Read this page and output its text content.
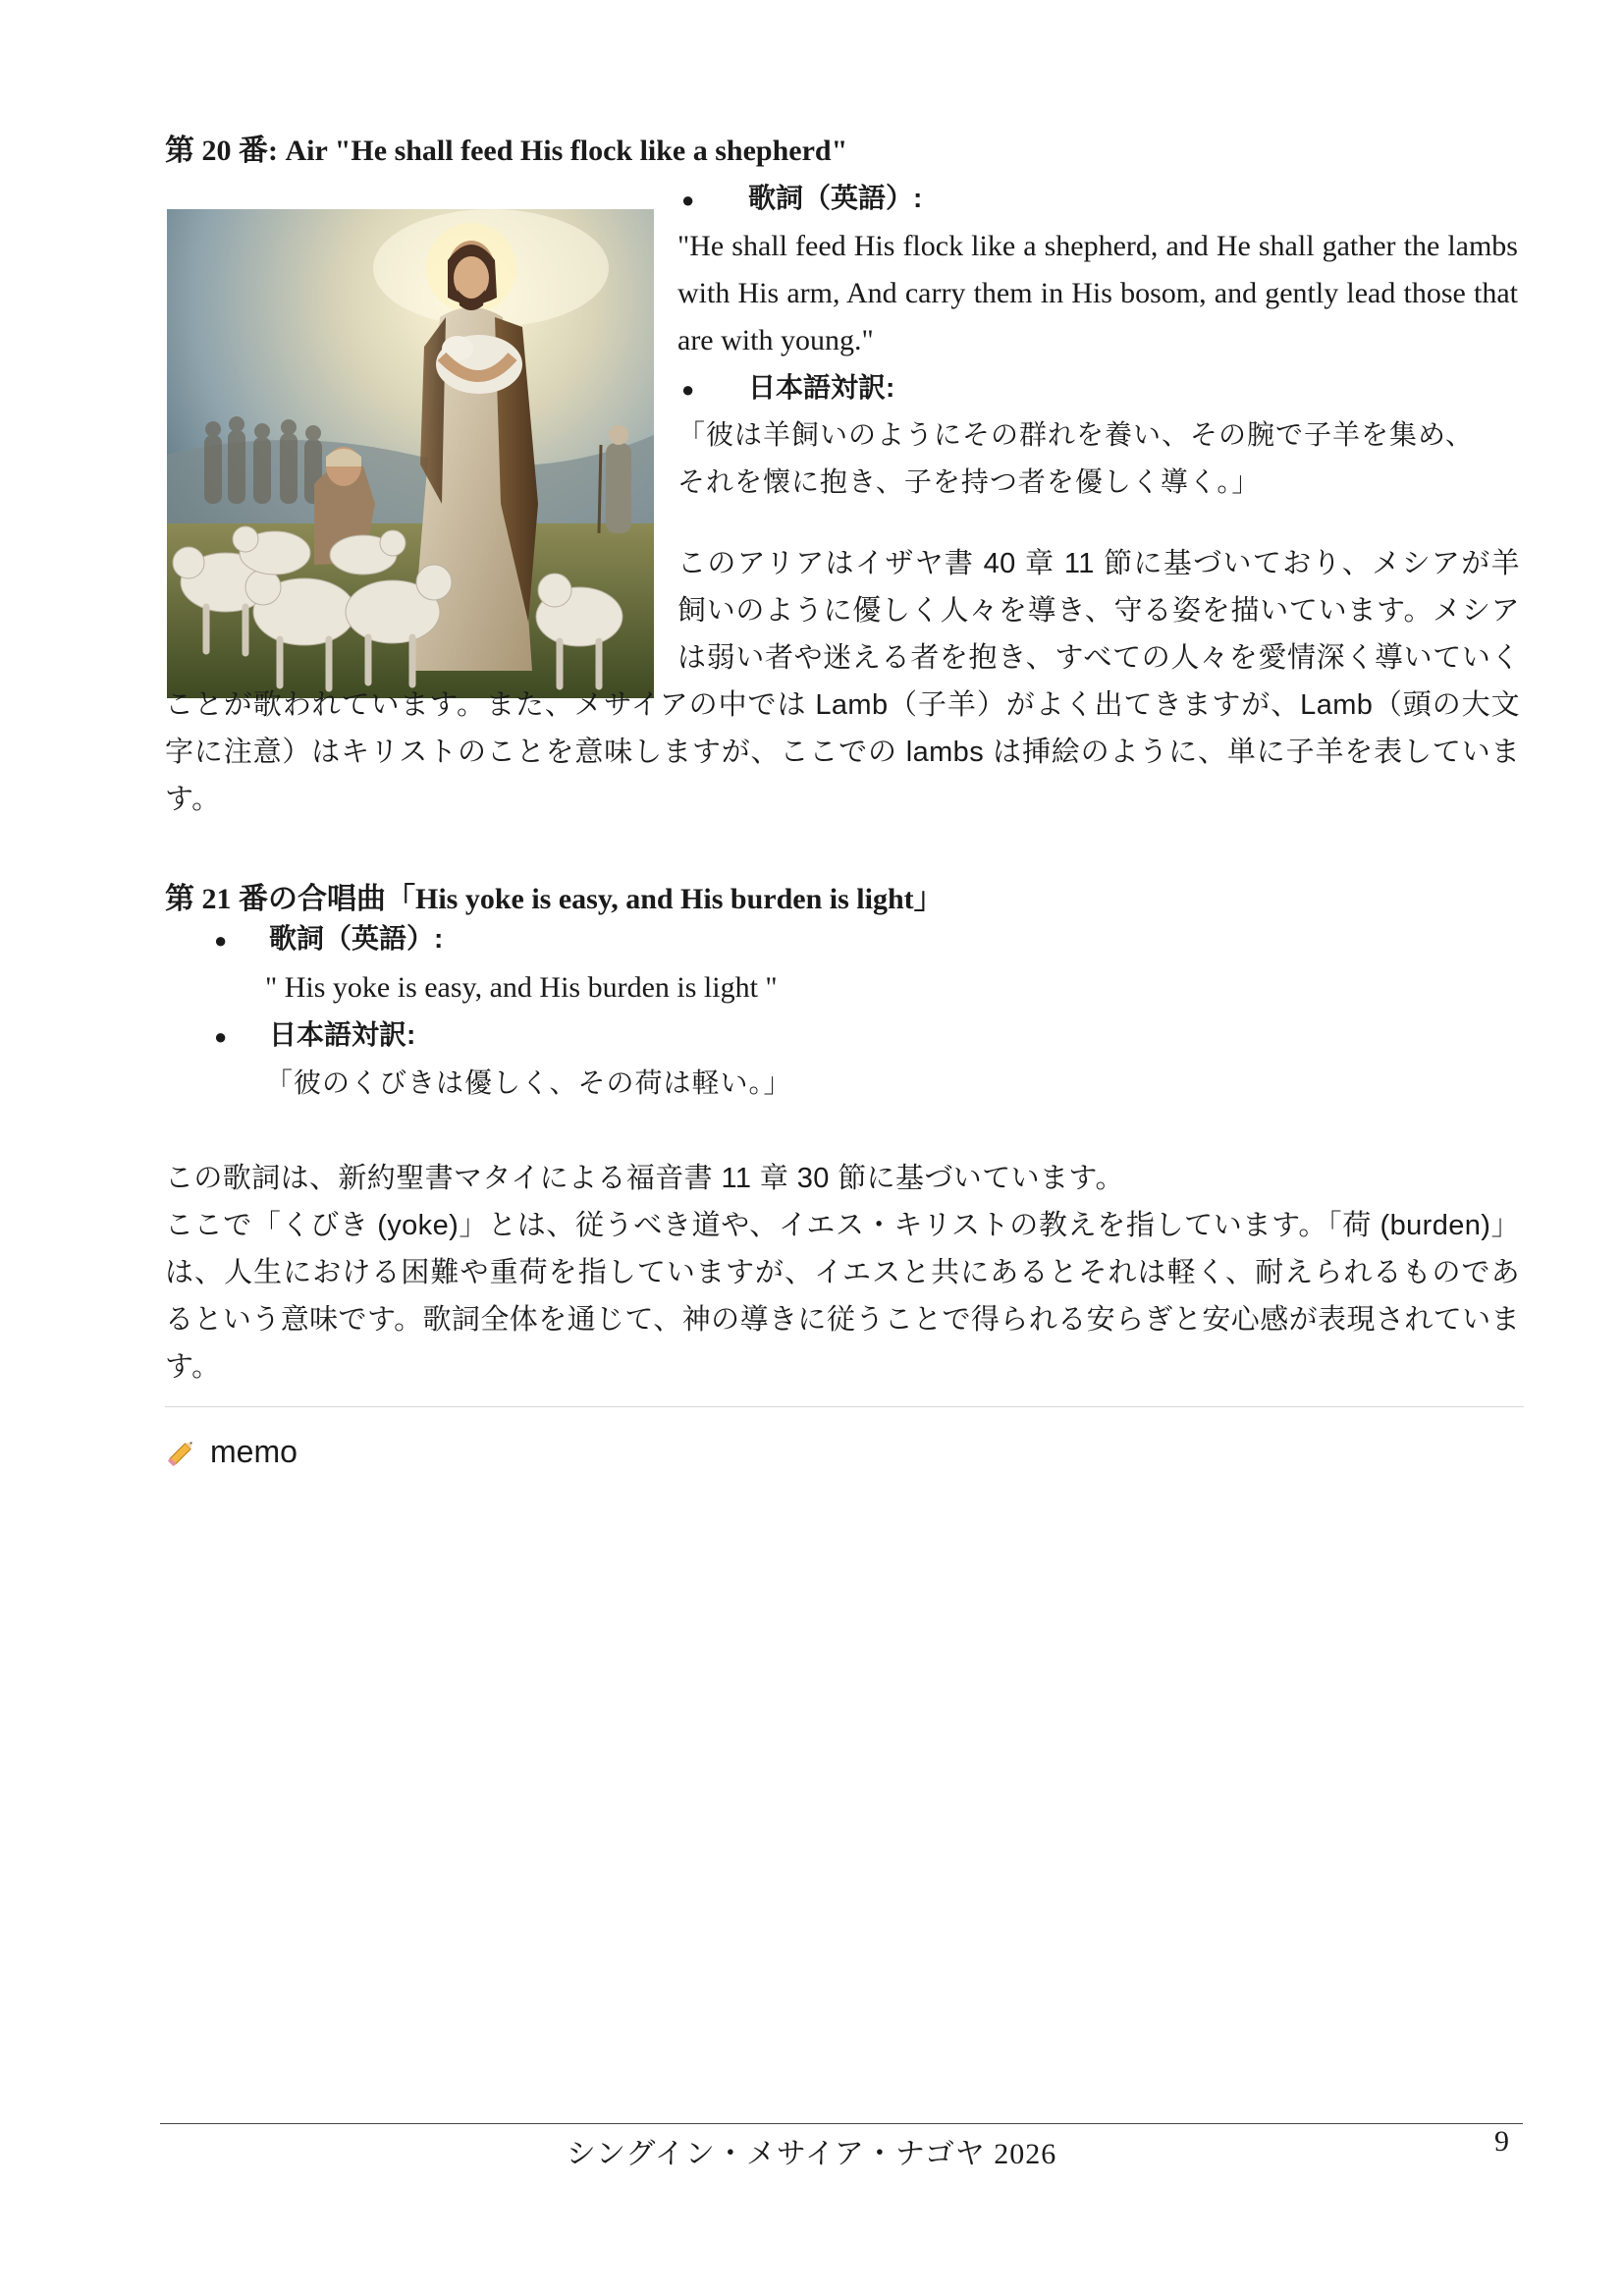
第 20 番: Air "He shall feed His flock like a shepherd"
●	歌詞（英語）:
"He shall feed His flock like a shepherd, and He shall gather the lambs with His arm, And carry them in His bosom, and gently lead those that are with young."
●	日本語対訳:
「彼は羊飼いのようにその群れを養い、その腕で子羊を集め、
それを懐に抱き、子を持つ者を優しく導く。」
このアリアはイザヤ書 40 章 11 節に基づいており、メシアが羊飼いのように優しく人々を導き、守る姿を描いています。メシアは弱い者や迷える者を抱き、すべての人々を愛情深く導いていくことが歌われています。また、メサイアの中では Lamb（子羊）がよく出てきますが、Lamb（頭の大文字に注意）はキリストのことを意味しますが、ここでの lambs は挿絵のように、単に子羊を表しています。
第 21 番の合唱曲「His yoke is easy, and His burden is light」
●	歌詞（英語）:
" His yoke is easy, and His burden is light "
●	日本語対訳:
「彼のくびきは優しく、その荷は軽い。」
この歌詞は、新約聖書マタイによる福音書 11 章 30 節に基づいています。
ここで「くびき (yoke)」とは、従うべき道や、イエス・キリストの教えを指しています。「荷 (burden)」は、人生における困難や重荷を指していますが、イエスと共にあるとそれは軽く、耐えられるものであるという意味です。歌詞全体を通じて、神の導きに従うことで得られる安らぎと安心感が表現されています。
memo
シングイン・メサイア・ナゴヤ 2026	9
